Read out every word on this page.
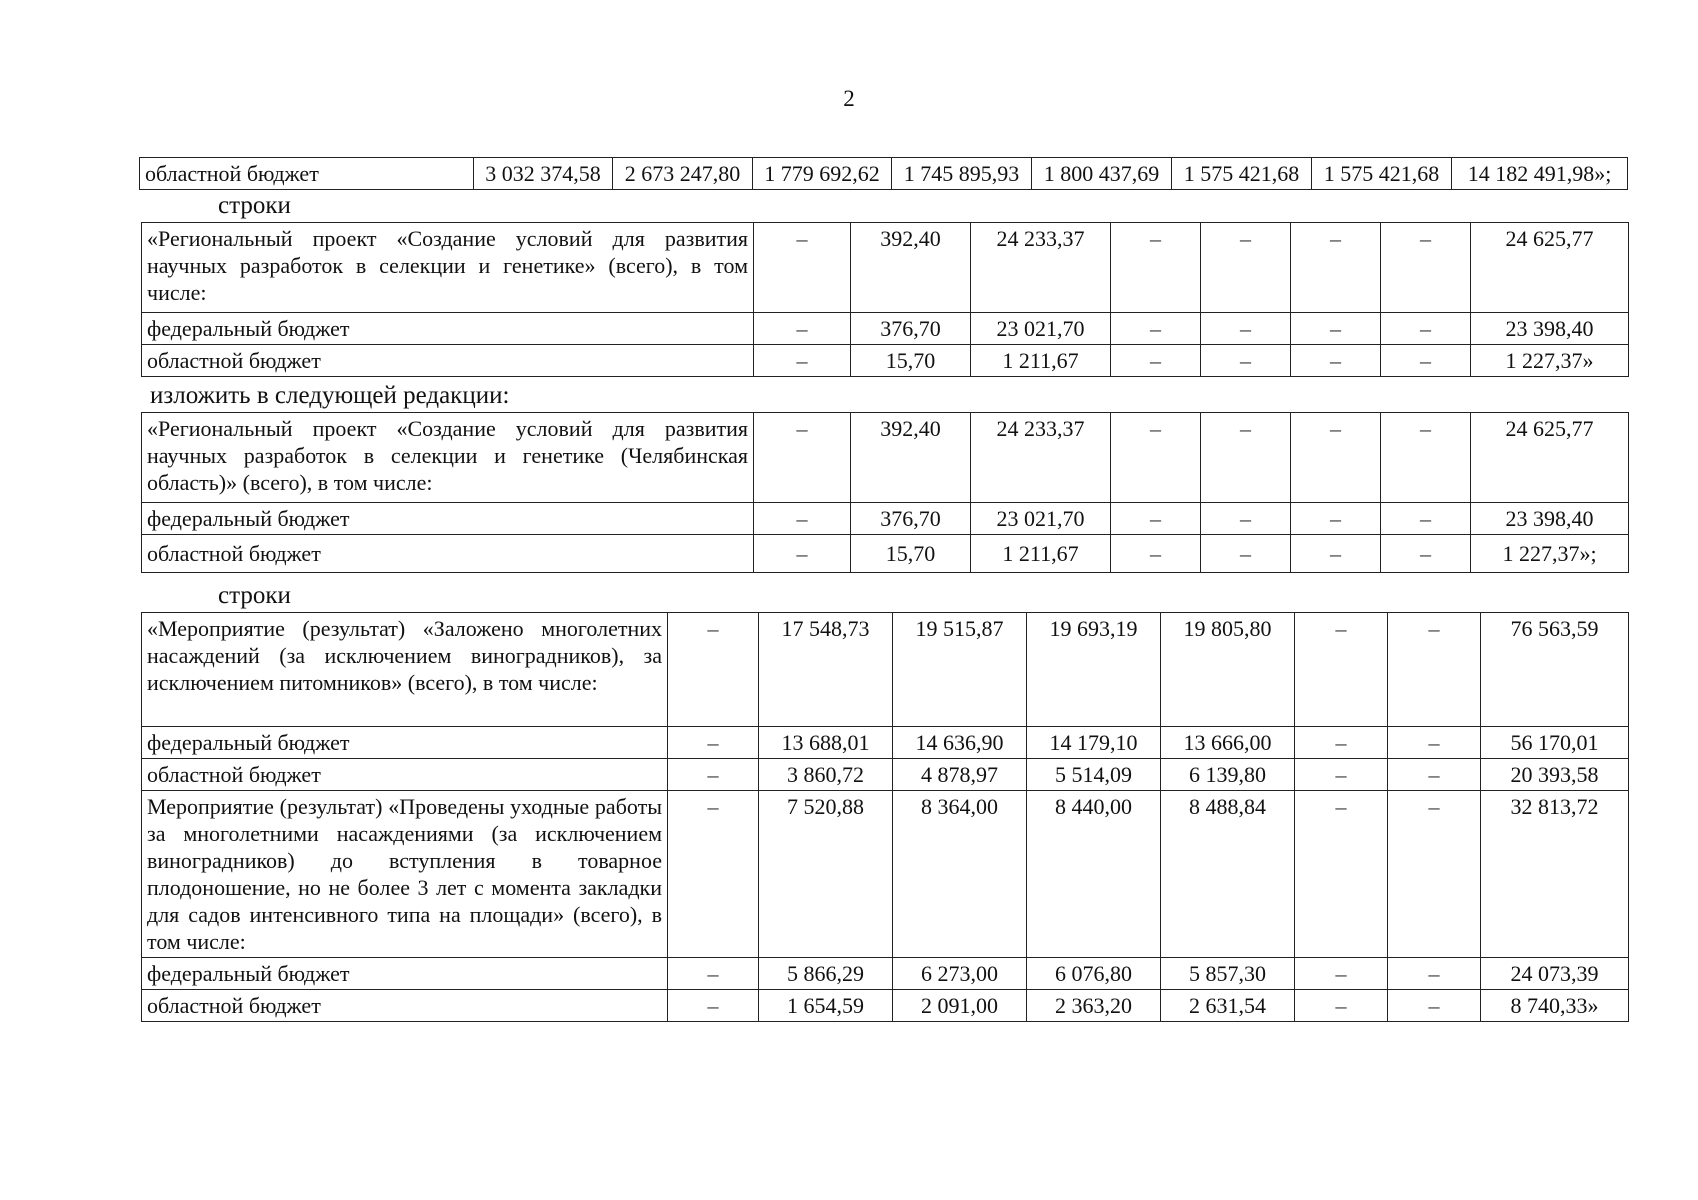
2
областной бюджет	3 032 374,58	2 673 247,80	1 779 692,62	1 745 895,93	1 800 437,69	1 575 421,68	1 575 421,68	14 182 491,98»;
строки
«Региональный проект «Создание условий для развития научных разработок в селекции и генетике» (всего), в том числе:	–	392,40	24 233,37	–	–	–	–	24 625,77
федеральный бюджет	–	376,70	23 021,70	–	–	–	–	23 398,40
областной бюджет	–	15,70	1 211,67	–	–	–	–	1 227,37»
изложить в следующей редакции:
«Региональный проект «Создание условий для развития научных разработок в селекции и генетике (Челябинская область)» (всего), в том числе:	–	392,40	24 233,37	–	–	–	–	24 625,77
федеральный бюджет	–	376,70	23 021,70	–	–	–	–	23 398,40
областной бюджет	–	15,70	1 211,67	–	–	–	–	1 227,37»;
строки
«Мероприятие (результат) «Заложено многолетних насаждений (за исключением виноградников), за исключением питомников» (всего), в том числе:	–	17 548,73	19 515,87	19 693,19	19 805,80	–	–	76 563,59
федеральный бюджет	–	13 688,01	14 636,90	14 179,10	13 666,00	–	–	56 170,01
областной бюджет	–	3 860,72	4 878,97	5 514,09	6 139,80	–	–	20 393,58
Мероприятие (результат) «Проведены уходные работы за многолетними насаждениями (за исключением виноградников) до вступления в товарное плодоношение, но не более 3 лет с момента закладки для садов интенсивного типа на площади» (всего), в том числе:	–	7 520,88	8 364,00	8 440,00	8 488,84	–	–	32 813,72
федеральный бюджет	–	5 866,29	6 273,00	6 076,80	5 857,30	–	–	24 073,39
областной бюджет	–	1 654,59	2 091,00	2 363,20	2 631,54	–	–	8 740,33»
